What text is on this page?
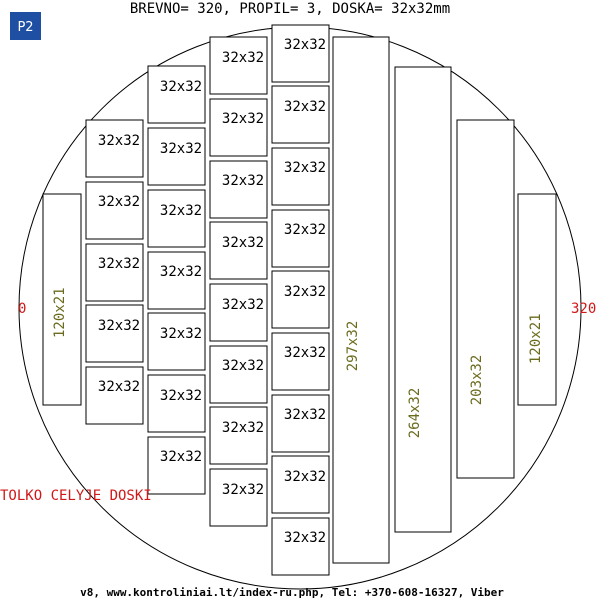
BREVNO= 320, PROPIL= 3, DOSKA= 32x32mm
P2
0	320
32x32
32x32
32x32
32x32
32x32
32x32
32x32
32x32
32x32
32x32
32x32
32x32
32x32
32x32
32x32
32x32
32x32
32x32
32x32
32x32
32x32
32x32
32x32
32x32
32x32
32x32
32x32
32x32
32x32
120x21
297x32
264x32
203x32
120x21
TOLKO CELYJE DOSKI
v8, www.kontroliniai.lt/index-ru.php, Tel: +370-608-16327, Viber
